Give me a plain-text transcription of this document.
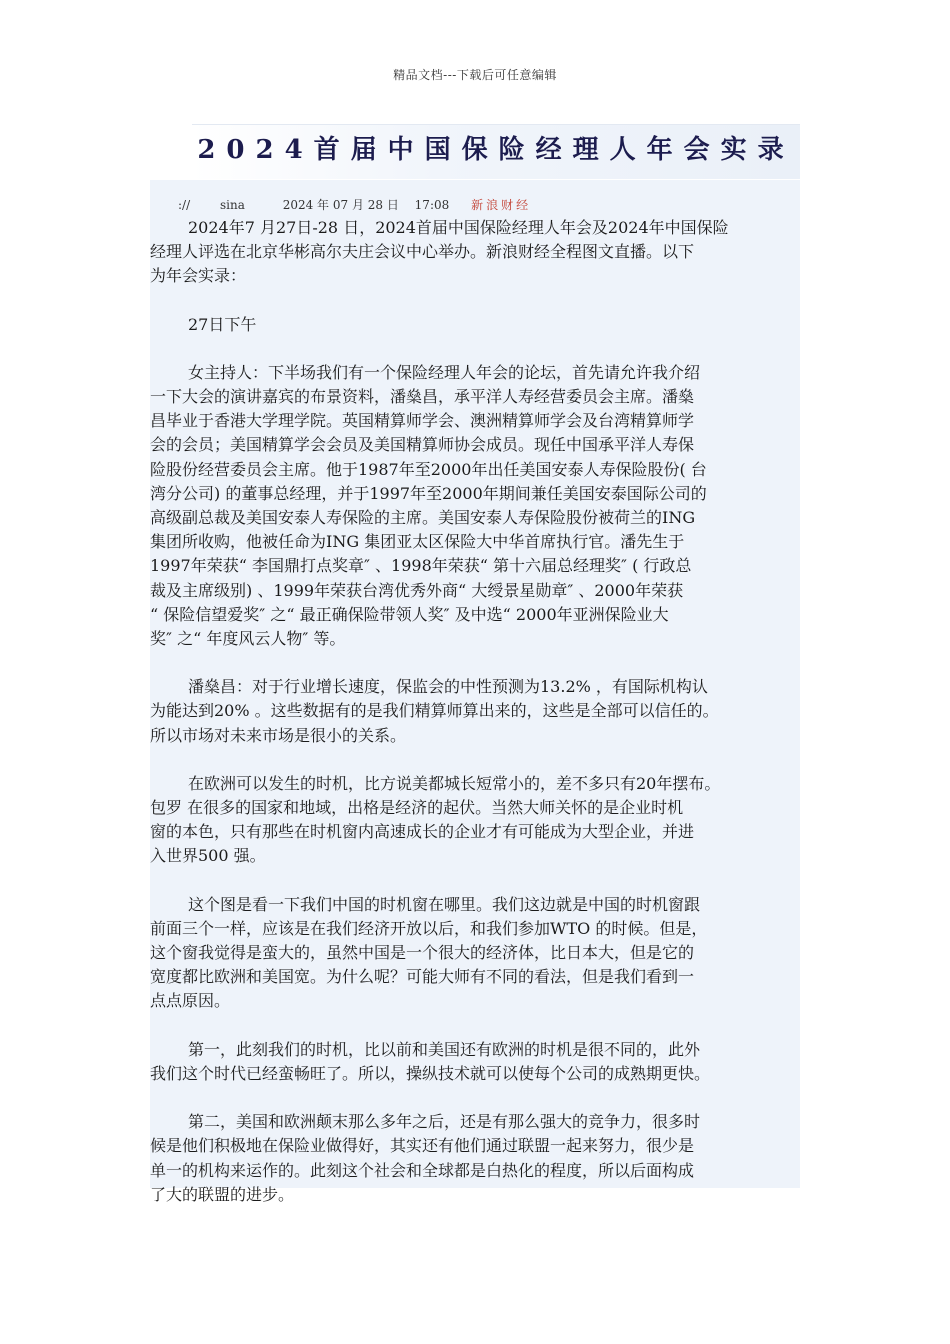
精品文档---下载后可任意编辑
2024首届中国保险经理人年会实录
:// sina	2024 年 07 月 28 日 17:08 新浪财经

2024年7 月27日-28 日，2024首届中国保险经理人年会及2024年中国保险
经理人评选在北京华彬高尔夫庄会议中心举办。新浪财经全程图文直播。以下
为年会实录：

27日下午

女主持人：下半场我们有一个保险经理人年会的论坛，首先请允许我介绍
一下大会的演讲嘉宾的布景资料，潘燊昌，承平洋人寿经营委员会主席。潘燊
昌毕业于香港大学理学院。英国精算师学会、澳洲精算师学会及台湾精算师学
会的会员；美国精算学会会员及美国精算师协会成员。现任中国承平洋人寿保
险股份经营委员会主席。他于1987年至2000年出任美国安泰人寿保险股份( 台
湾分公司) 的董事总经理，并于1997年至2000年期间兼任美国安泰国际公司的
高级副总裁及美国安泰人寿保险的主席。美国安泰人寿保险股份被荷兰的ING
集团所收购，他被任命为ING 集团亚太区保险大中华首席执行官。潘先生于
1997年荣获“ 李国鼎打点奖章″ 、1998年荣获“ 第十六届总经理奖″ ( 行政总
裁及主席级别) 、1999年荣获台湾优秀外商“ 大绶景星勋章″ 、2000年荣获
“ 保险信望爱奖″ 之“ 最正确保险带领人奖″ 及中选“ 2000年亚洲保险业大
奖″ 之“ 年度风云人物″ 等。

潘燊昌：对于行业增长速度，保监会的中性预测为13.2% ，有国际机构认
为能达到20% 。这些数据有的是我们精算师算出来的，这些是全部可以信任的。
所以市场对未来市场是很小的关系。

在欧洲可以发生的时机，比方说美都城长短常小的，差不多只有20年摆布。
包罗 在很多的国家和地域，出格是经济的起伏。当然大师关怀的是企业时机
窗的本色，只有那些在时机窗内高速成长的企业才有可能成为大型企业，并进
入世界500 强。

这个图是看一下我们中国的时机窗在哪里。我们这边就是中国的时机窗跟
前面三个一样，应该是在我们经济开放以后，和我们参加WTO 的时候。但是，
这个窗我觉得是蛮大的，虽然中国是一个很大的经济体，比日本大，但是它的
宽度都比欧洲和美国宽。为什么呢？可能大师有不同的看法，但是我们看到一
点点原因。

第一，此刻我们的时机，比以前和美国还有欧洲的时机是很不同的，此外
我们这个时代已经蛮畅旺了。所以，操纵技术就可以使每个公司的成熟期更快。

第二，美国和欧洲颠末那么多年之后，还是有那么强大的竞争力，很多时
候是他们积极地在保险业做得好，其实还有他们通过联盟一起来努力，很少是
单一的机构来运作的。此刻这个社会和全球都是白热化的程度，所以后面构成
了大的联盟的进步。
